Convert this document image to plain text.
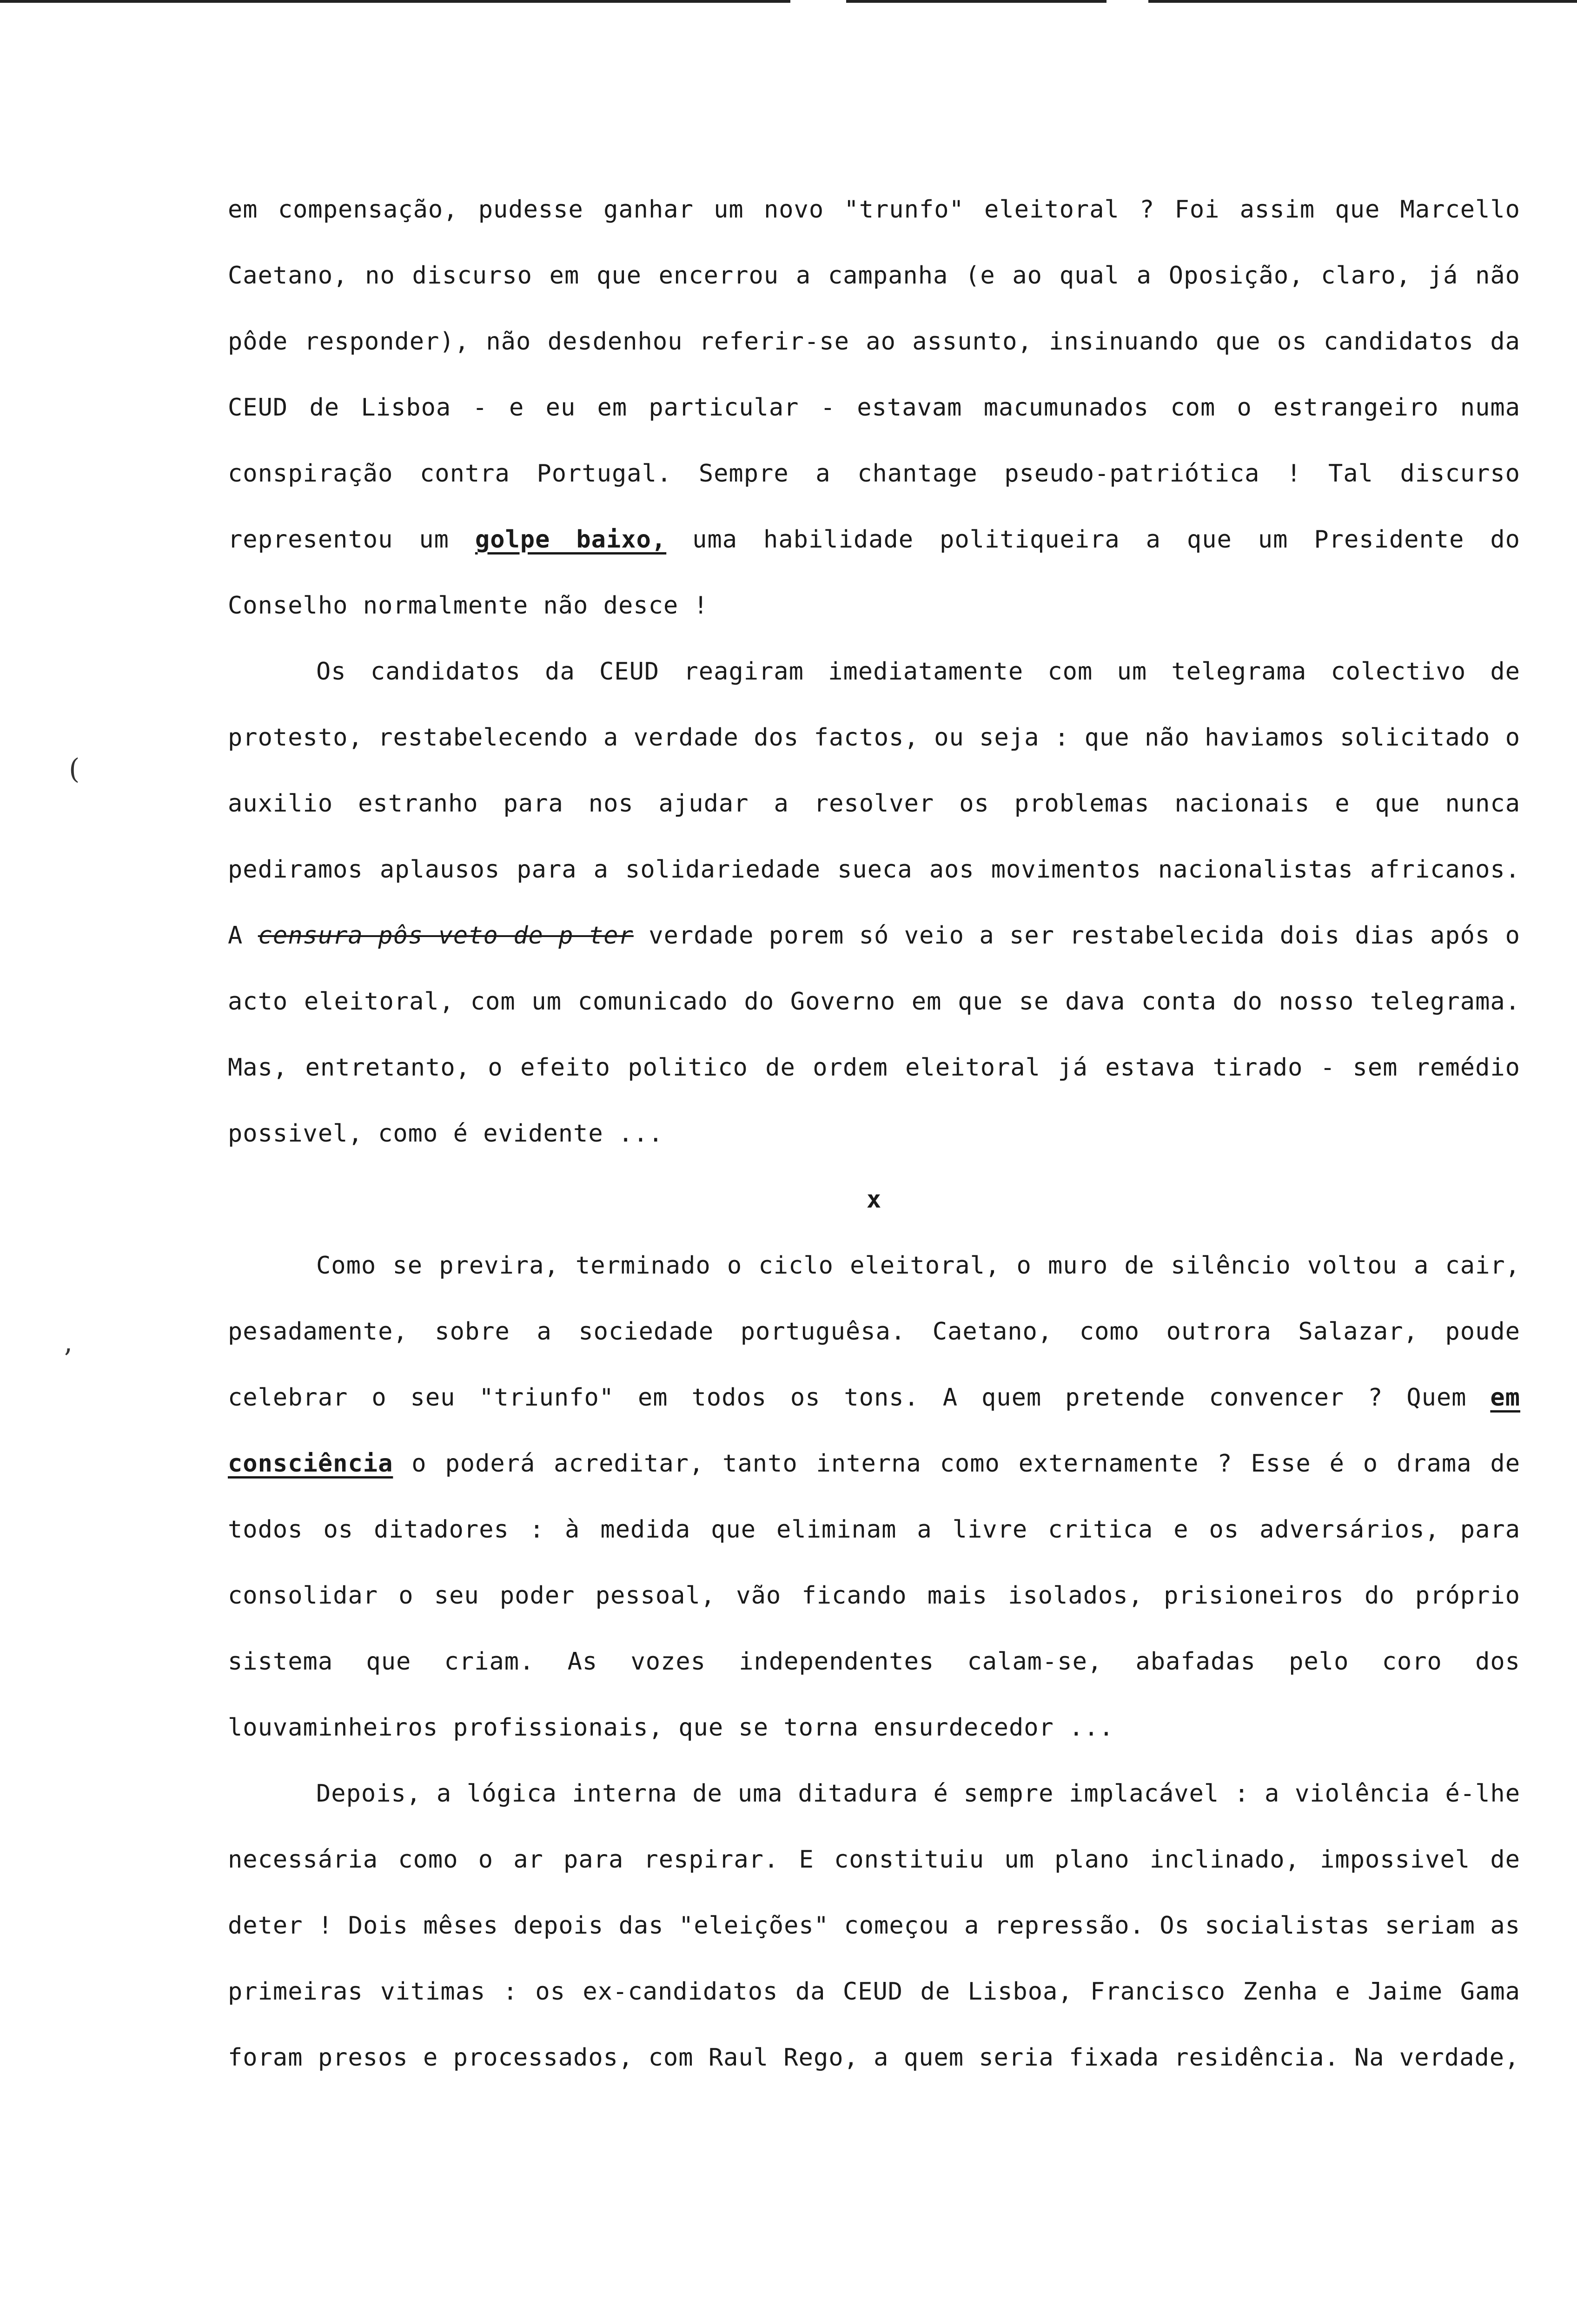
(
’

em compensação, pudesse ganhar um novo "trunfo" eleitoral ? Foi assim que Marcello Caetano, no discurso em que encerrou a campanha (e ao qual a Oposição, claro, já não pôde responder), não desdenhou referir-se ao assunto, insinuando que os candidatos da CEUD de Lisboa - e eu em particular - estavam macumunados com o estrangeiro numa conspiração contra Portugal. Sempre a chantage pseudo-patriótica ! Tal discurso representou um golpe baixo, uma habilidade politiqueira a que um Presidente do Conselho normalmente não desce !

Os candidatos da CEUD reagiram imediatamente com um telegrama colectivo de protesto, restabelecendo a verdade dos factos, ou seja : que não haviamos solicitado o auxilio estranho para nos ajudar a resolver os problemas nacionais e que nunca pediramos aplausos para a solidariedade sueca aos movimentos nacionalistas africanos. A censura pôs veto de p ter verdade porem só veio a ser restabelecida dois dias após o acto eleitoral, com um comunicado do Governo em que se dava conta do nosso telegrama. Mas, entretanto, o efeito politico de ordem eleitoral já estava tirado - sem remédio possivel, como é evidente ...

x

Como se previra, terminado o ciclo eleitoral, o muro de silêncio voltou a cair, pesadamente, sobre a sociedade portuguêsa. Caetano, como outrora Salazar, poude celebrar o seu "triunfo" em todos os tons. A quem pretende convencer ? Quem em consciência o poderá acreditar, tanto interna como externamente ? Esse é o drama de todos os ditadores : à medida que eliminam a livre critica e os adversários, para consolidar o seu poder pessoal, vão ficando mais isolados, prisioneiros do próprio sistema que criam. As vozes independentes calam-se, abafadas pelo coro dos louvaminheiros profissionais, que se torna ensurdecedor ...

Depois, a lógica interna de uma ditadura é sempre implacável : a violência é-lhe necessária como o ar para respirar. E constituiu um plano inclinado, impossivel de deter ! Dois mêses depois das "eleições" começou a repressão. Os socialistas seriam as primeiras vitimas : os ex-candidatos da CEUD de Lisboa, Francisco Zenha e Jaime Gama foram presos e processados, com Raul Rego, a quem seria fixada residência. Na verdade,
